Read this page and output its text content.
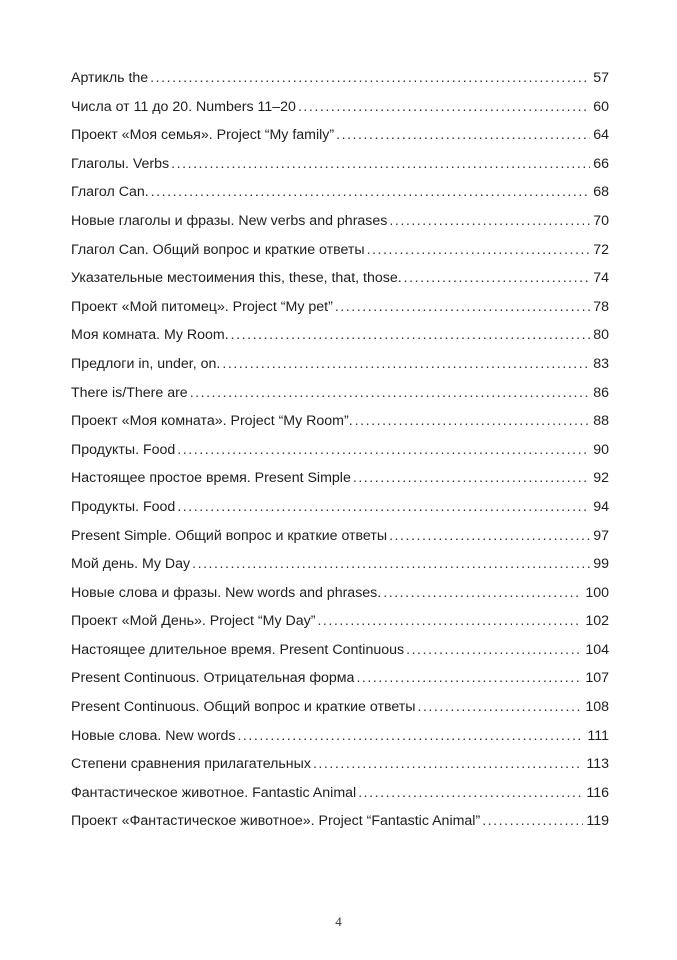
Артикль the . . .	57
Числа от 11 до 20. Numbers 11–20 . . .	60
Проект «Моя семья». Project “My family” . . .	64
Глаголы. Verbs . . .	66
Глагол Can. . . .	68
Новые глаголы и фразы. New verbs and phrases . . .	70
Глагол Can. Общий вопрос и краткие ответы . . .	72
Указательные местоимения this, these, that, those. . . .	74
Проект «Мой питомец». Project “My pet” . . .	78
Моя комната. My Room. . . .	80
Предлоги in, under, on. . . .	83
There is/There are . . .	86
Проект «Моя комната». Project “My Room”. . . .	88
Продукты. Food . . .	90
Настоящее простое время. Present Simple . . .	92
Продукты. Food . . .	94
Present Simple. Общий вопрос и краткие ответы . . .	97
Мой день. My Day . . .	99
Новые слова и фразы. New words and phrases. . . .	100
Проект «Мой День». Project “My Day” . . .	102
Настоящее длительное время. Present Continuous . . .	104
Present Continuous. Отрицательная форма . . .	107
Present Continuous. Общий вопрос и краткие ответы . . .	108
Новые слова. New words . . .	111
Степени сравнения прилагательных . . .	113
Фантастическое животное. Fantastic Animal . . .	116
Проект «Фантастическое животное». Project “Fantastic Animal” . . .	119
4
